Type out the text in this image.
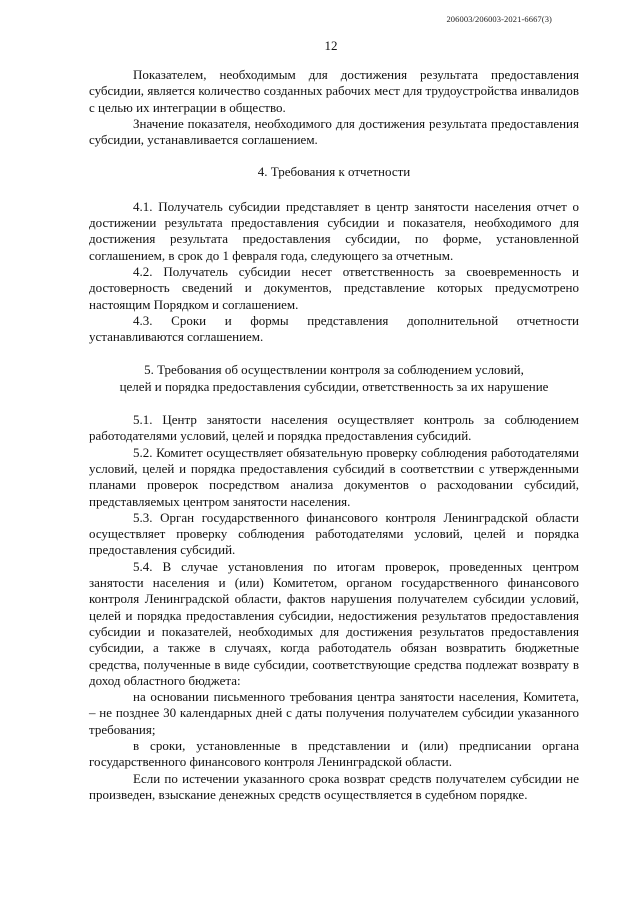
206003/206003-2021-6667(3)
12

Показателем, необходимым для достижения результата предоставления субсидии, является количество созданных рабочих мест для трудоустройства инвалидов с целью их интеграции в общество.

Значение показателя, необходимого для достижения результата предоставления субсидии, устанавливается соглашением.

4. Требования к отчетности

4.1. Получатель субсидии представляет в центр занятости населения отчет о достижении результата предоставления субсидии и показателя, необходимого для достижения результата предоставления субсидии, по форме, установленной соглашением, в срок до 1 февраля года, следующего за отчетным.

4.2. Получатель субсидии несет ответственность за своевременность и достоверность сведений и документов, представление которых предусмотрено настоящим Порядком и соглашением.

4.3. Сроки и формы представления дополнительной отчетности устанавливаются соглашением.

5. Требования об осуществлении контроля за соблюдением условий,
целей и порядка предоставления субсидии, ответственность за их нарушение

5.1. Центр занятости населения осуществляет контроль за соблюдением работодателями условий, целей и порядка предоставления субсидий.

5.2. Комитет осуществляет обязательную проверку соблюдения работодателями условий, целей и порядка предоставления субсидий в соответствии с утвержденными планами проверок посредством анализа документов о расходовании субсидий, представляемых центром занятости населения.

5.3. Орган государственного финансового контроля Ленинградской области осуществляет проверку соблюдения работодателями условий, целей и порядка предоставления субсидий.

5.4. В случае установления по итогам проверок, проведенных центром занятости населения и (или) Комитетом, органом государственного финансового контроля Ленинградской области, фактов нарушения получателем субсидии условий, целей и порядка предоставления субсидии, недостижения результатов предоставления субсидии и показателей, необходимых для достижения результатов предоставления субсидии, а также в случаях, когда работодатель обязан возвратить бюджетные средства, полученные в виде субсидии, соответствующие средства подлежат возврату в доход областного бюджета:

на основании письменного требования центра занятости населения, Комитета, – не позднее 30 календарных дней с даты получения получателем субсидии указанного требования;

в сроки, установленные в представлении и (или) предписании органа государственного финансового контроля Ленинградской области.

Если по истечении указанного срока возврат средств получателем субсидии не произведен, взыскание денежных средств осуществляется в судебном порядке.
